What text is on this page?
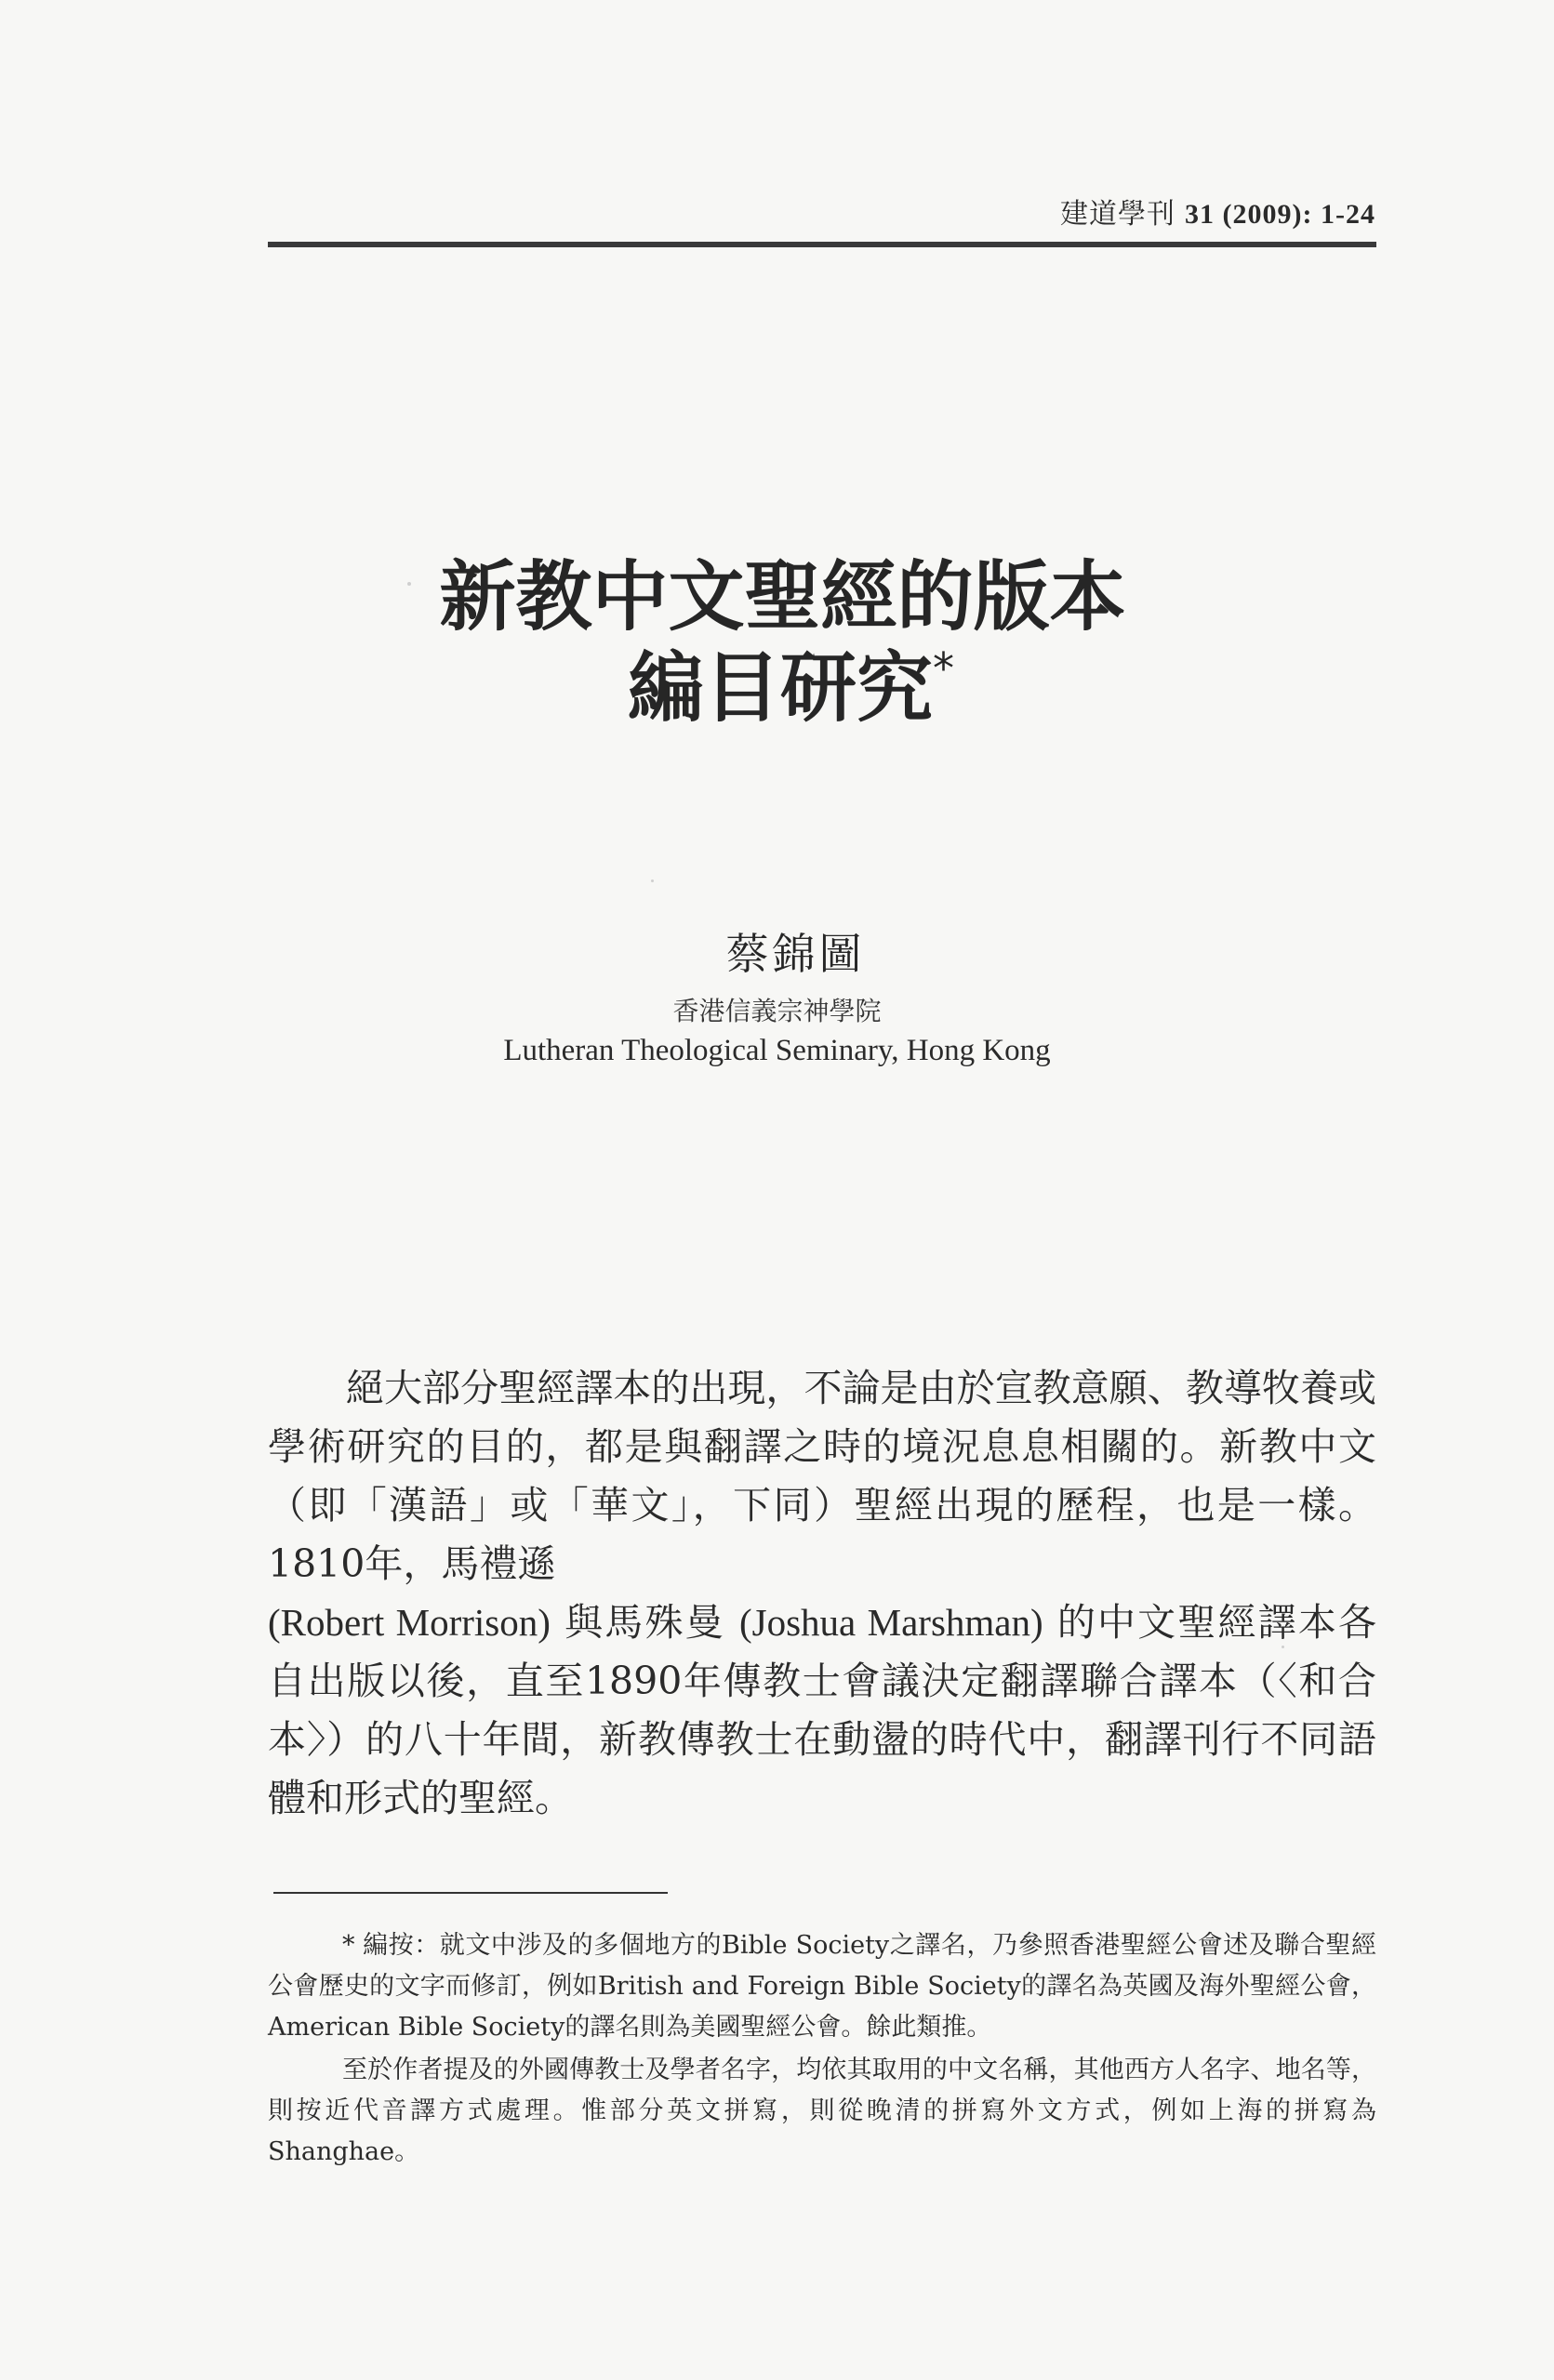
建道學刊 31 (2009): 1-24
新教中文聖經的版本
編目研究*
蔡錦圖
香港信義宗神學院
Lutheran Theological Seminary, Hong Kong
絕大部分聖經譯本的出現，不論是由於宣教意願、教導牧養或學術研究的目的，都是與翻譯之時的境況息息相關的。新教中文（即「漢語」或「華文」，下同）聖經出現的歷程，也是一樣。1810年，馬禮遜
(Robert Morrison) 與馬殊曼 (Joshua Marshman) 的中文聖經譯本各自出版以後，直至1890年傳教士會議決定翻譯聯合譯本（〈和合本〉）的八十年間，新教傳教士在動盪的時代中，翻譯刊行不同語體和形式的聖經。
* 編按：就文中涉及的多個地方的Bible Society之譯名，乃參照香港聖經公會述及聯合聖經公會歷史的文字而修訂，例如British and Foreign Bible Society的譯名為英國及海外聖經公會，American Bible Society的譯名則為美國聖經公會。餘此類推。
至於作者提及的外國傳教士及學者名字，均依其取用的中文名稱，其他西方人名字、地名等，則按近代音譯方式處理。惟部分英文拼寫，則從晚清的拼寫外文方式，例如上海的拼寫為Shanghae。
